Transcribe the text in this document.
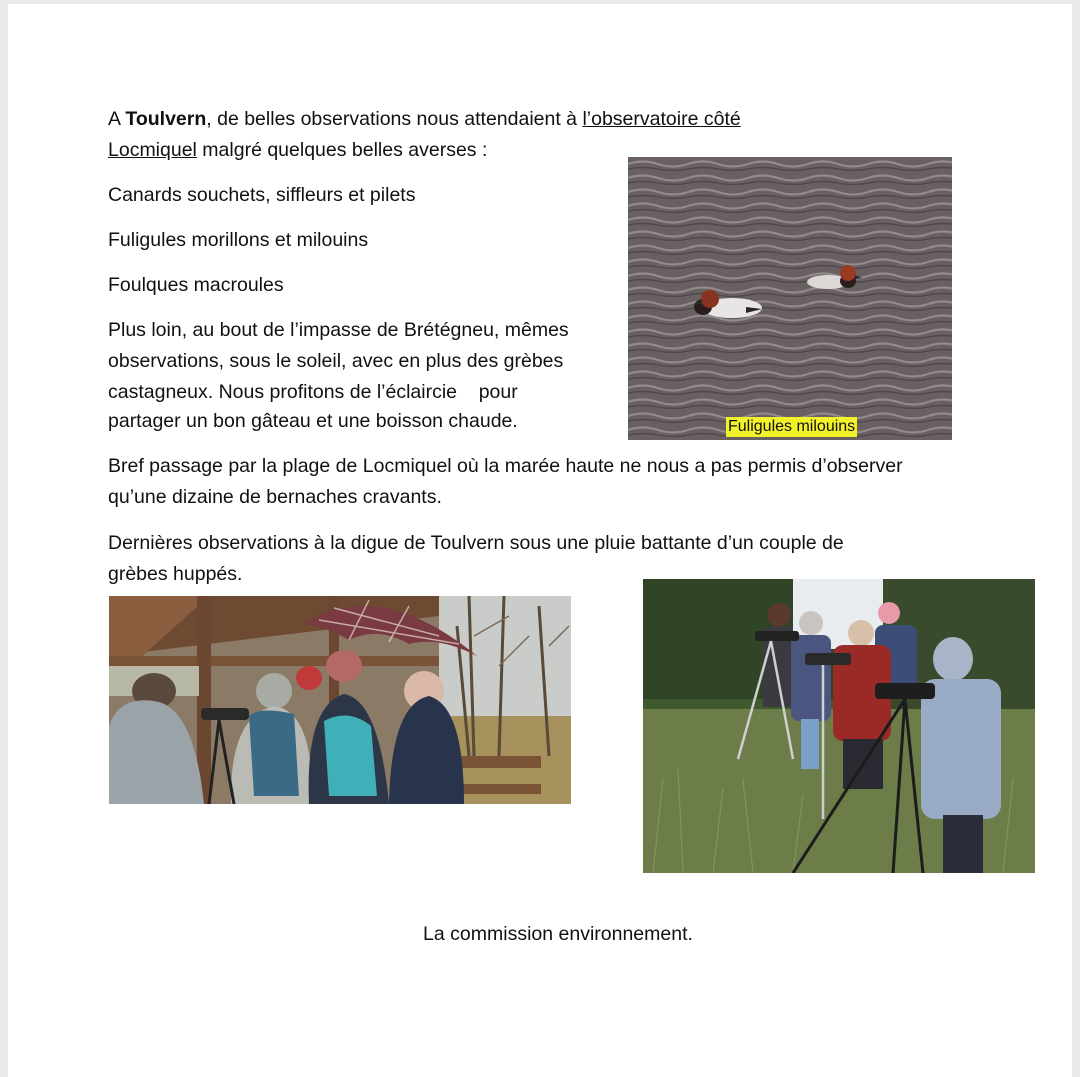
A Toulvern, de belles observations nous attendaient à l’observatoire côté

Locmiquel malgré quelques belles averses :

Canards souchets, siffleurs et pilets

Fuligules morillons et milouins

Foulques macroules

Plus loin, au bout de l’impasse de Brétégneu, mêmes

observations, sous le soleil, avec en plus des grèbes

castagneux. Nous profitons de l’éclaircie    pour

partager un bon gâteau et une boisson chaude.

Bref passage par la plage de Locmiquel où la marée haute ne nous a pas permis d’observer

qu’une dizaine de bernaches cravants.

Dernières observations à la digue de Toulvern sous une pluie battante d’un couple de

grèbes huppés.

Fuligules milouins
La commission environnement.
